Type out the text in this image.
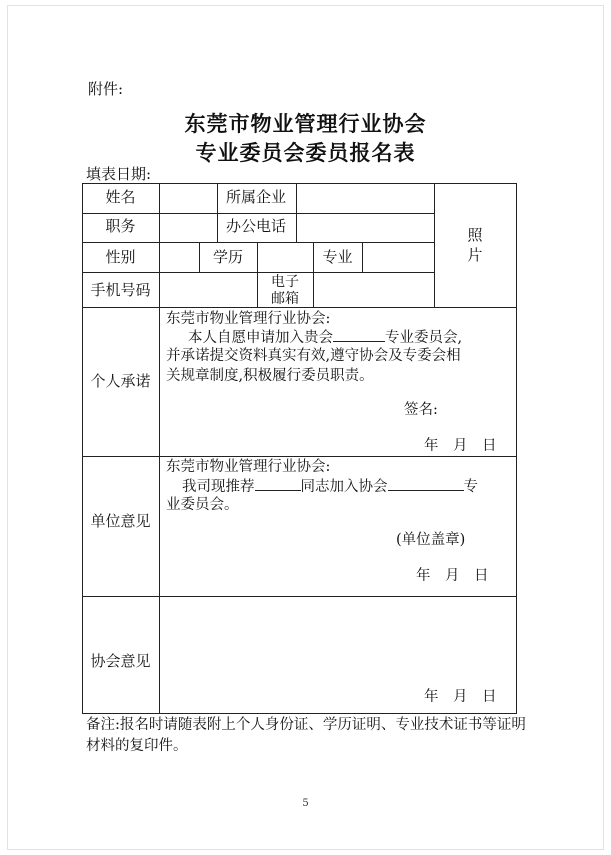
附件:
东莞市物业管理行业协会
专业委员会委员报名表
填表日期:
姓名	所属企业
职务	办公电话	照
片
性别	学历	专业
手机号码	电子
邮箱
个人承诺
东莞市物业管理行业协会:
本人自愿申请加入贵会	专业委员会,
并承诺提交资料真实有效,遵守协会及专委会相
关规章制度,积极履行委员职责。
签名:
年　月　日
单位意见
东莞市物业管理行业协会:
我司现推荐	同志加入协会	专
业委员会。
(单位盖章)
年　月　日
协会意见
年　月　日
备注:报名时请随表附上个人身份证、学历证明、专业技术证书等证明材料的复印件。
5
